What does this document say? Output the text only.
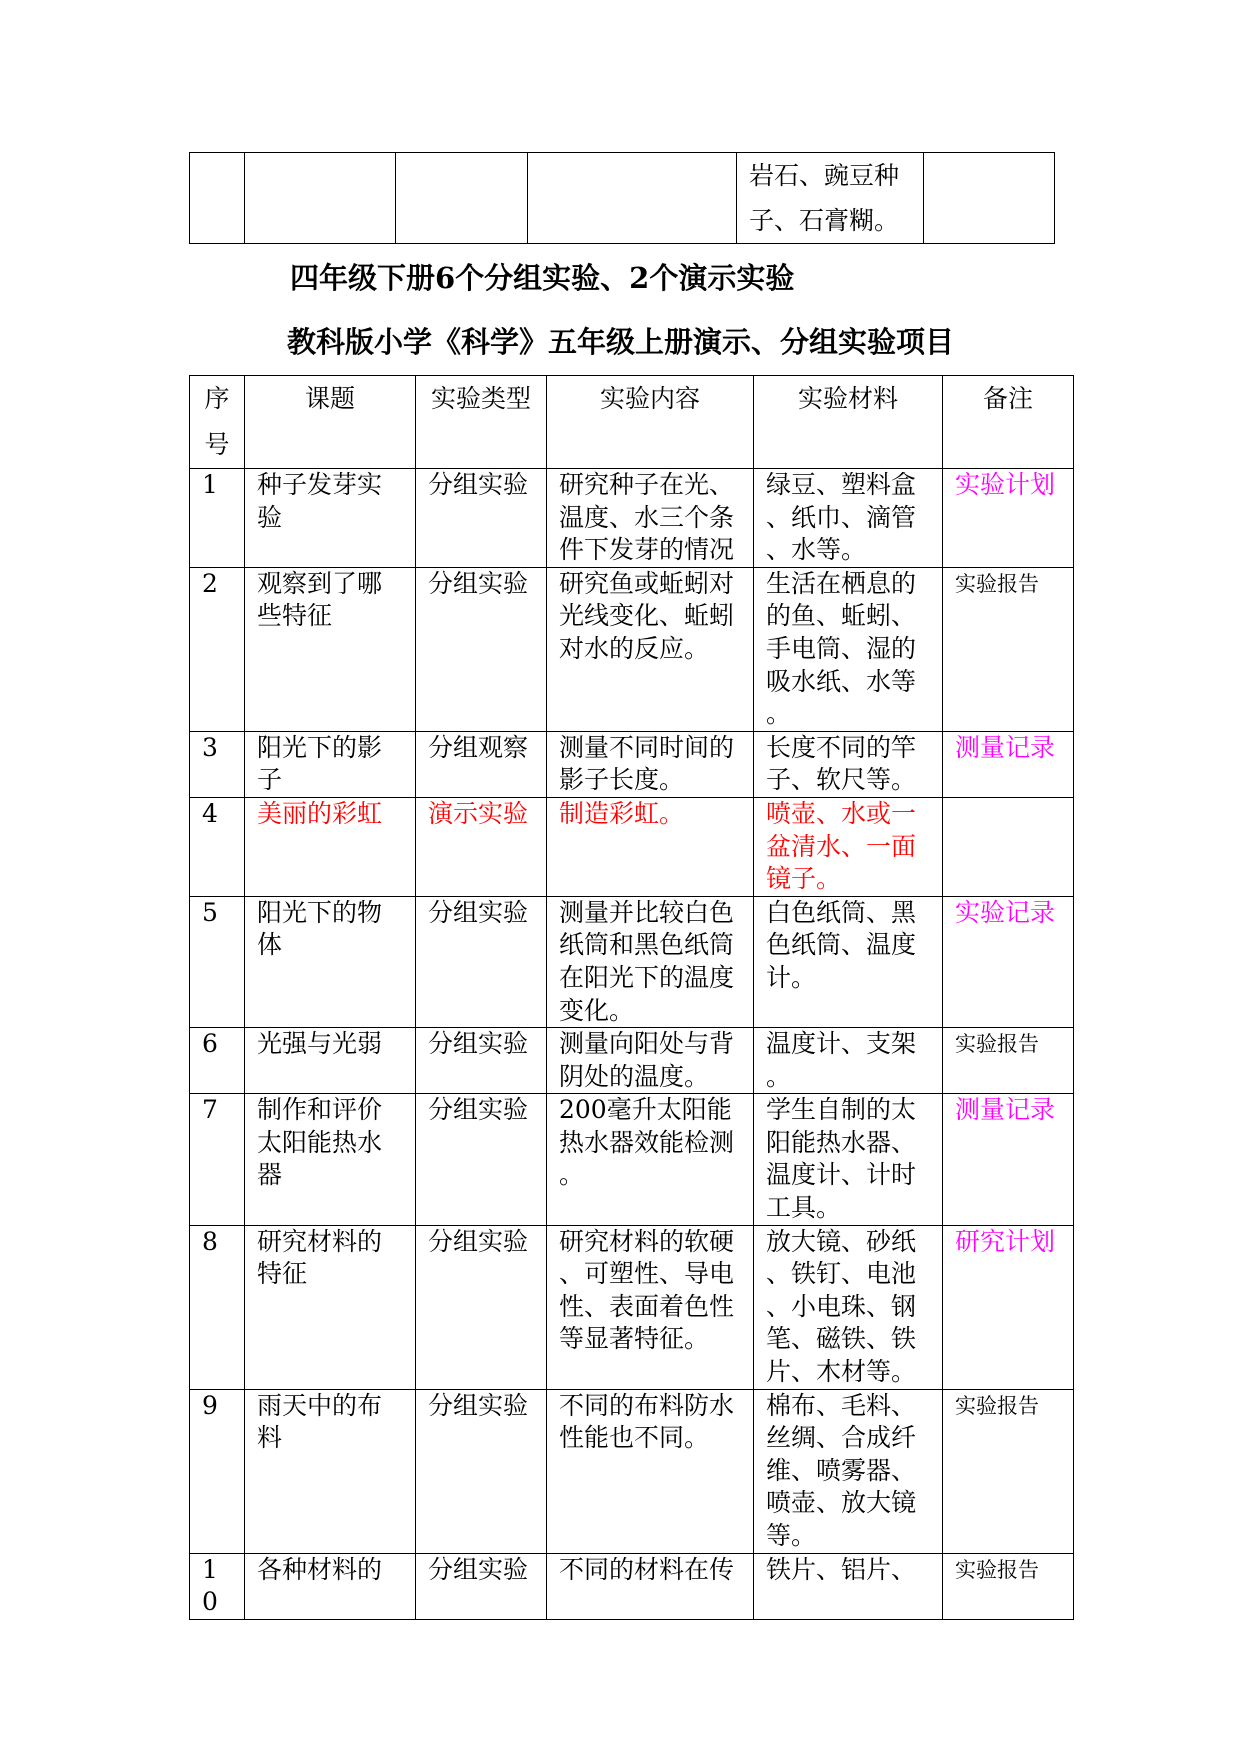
				岩石、豌豆种子、石膏糊。	
四年级下册6个分组实验、2个演示实验
教科版小学《科学》五年级上册演示、分组实验项目
序号	课题	实验类型	实验内容	实验材料	备注
1	种子发芽实验	分组实验	研究种子在光、温度、水三个条件下发芽的情况	绿豆、塑料盒、纸巾、滴管、水等。	实验计划
2	观察到了哪些特征	分组实验	研究鱼或蚯蚓对光线变化、蚯蚓对水的反应。	生活在栖息的的鱼、蚯蚓、手电筒、湿的吸水纸、水等。	实验报告
3	阳光下的影子	分组观察	测量不同时间的影子长度。	长度不同的竿子、软尺等。	测量记录
4	美丽的彩虹	演示实验	制造彩虹。	喷壶、水或一盆清水、一面镜子。	
5	阳光下的物体	分组实验	测量并比较白色纸筒和黑色纸筒在阳光下的温度变化。	白色纸筒、黑色纸筒、温度计。	实验记录
6	光强与光弱	分组实验	测量向阳处与背阴处的温度。	温度计、支架。	实验报告
7	制作和评价太阳能热水器	分组实验	200毫升太阳能热水器效能检测。	学生自制的太阳能热水器、温度计、计时工具。	测量记录
8	研究材料的特征	分组实验	研究材料的软硬、可塑性、导电性、表面着色性等显著特征。	放大镜、砂纸、铁钉、电池、小电珠、钢笔、磁铁、铁片、木材等。	研究计划
9	雨天中的布料	分组实验	不同的布料防水性能也不同。	棉布、毛料、丝绸、合成纤维、喷雾器、喷壶、放大镜等。	实验报告
10	各种材料的	分组实验	不同的材料在传	铁片、铝片、	实验报告
